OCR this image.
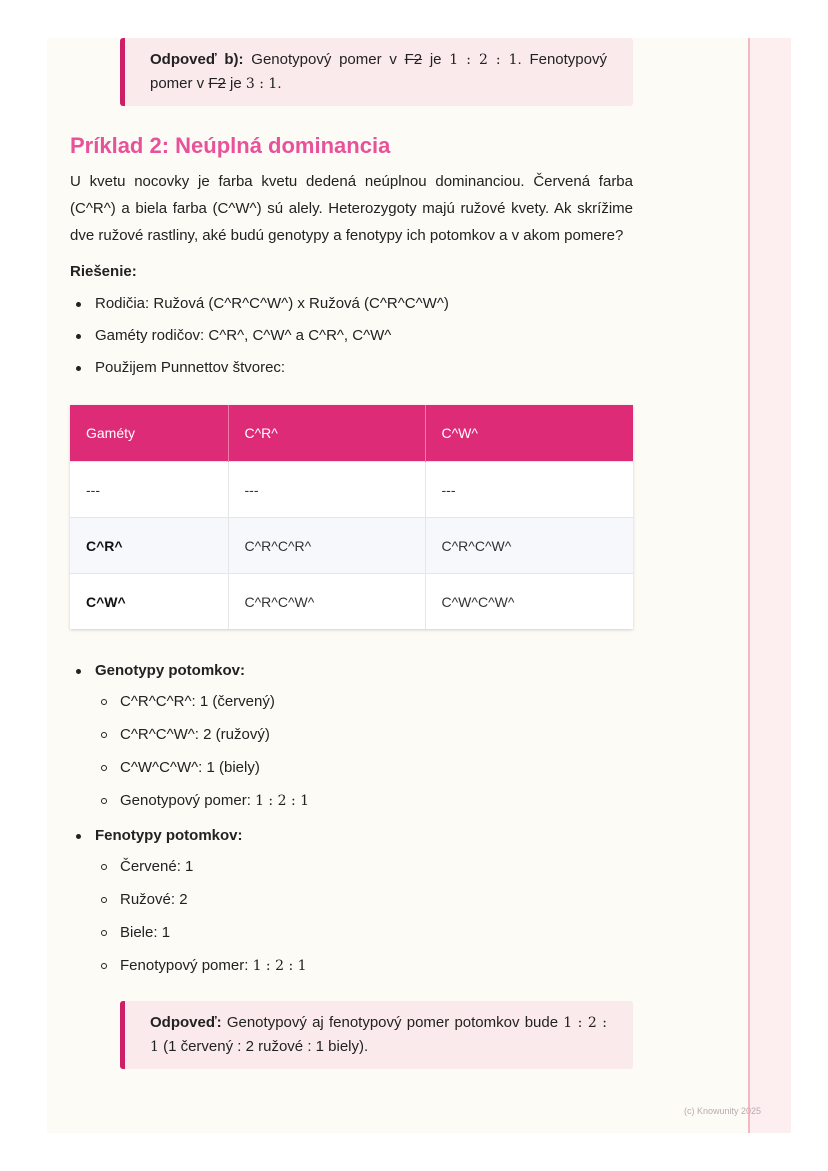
Odpoveď b): Genotypový pomer v F2 je 1 : 2 : 1. Fenotypový pomer v F2 je 3 : 1.
Príklad 2: Neúplná dominancia

U kvetu nocovky je farba kvetu dedená neúplnou dominanciou. Červená farba (C^R^) a biela farba (C^W^) sú alely. Heterozygoty majú ružové kvety. Ak skrížime dve ružové rastliny, aké budú genotypy a fenotypy ich potomkov a v akom pomere?

Riešenie:

Rodičia: Ružová (C^R^C^W^) x Ružová (C^R^C^W^)
Gaméty rodičov: C^R^, C^W^ a C^R^, C^W^
Použijem Punnettov štvorec:
Gaméty	C^R^	C^W^
---	---	---
C^R^	C^R^C^R^	C^R^C^W^
C^W^	C^R^C^W^	C^W^C^W^
Genotypy potomkov:
C^R^C^R^: 1 (červený)
C^R^C^W^: 2 (ružový)
C^W^C^W^: 1 (biely)
Genotypový pomer: 1 : 2 : 1
Fenotypy potomkov:
Červené: 1
Ružové: 2
Biele: 1
Fenotypový pomer: 1 : 2 : 1
Odpoveď: Genotypový aj fenotypový pomer potomkov bude 1 : 2 : 1 (1 červený : 2 ružové : 1 biely).
(c) Knowunity 2025
